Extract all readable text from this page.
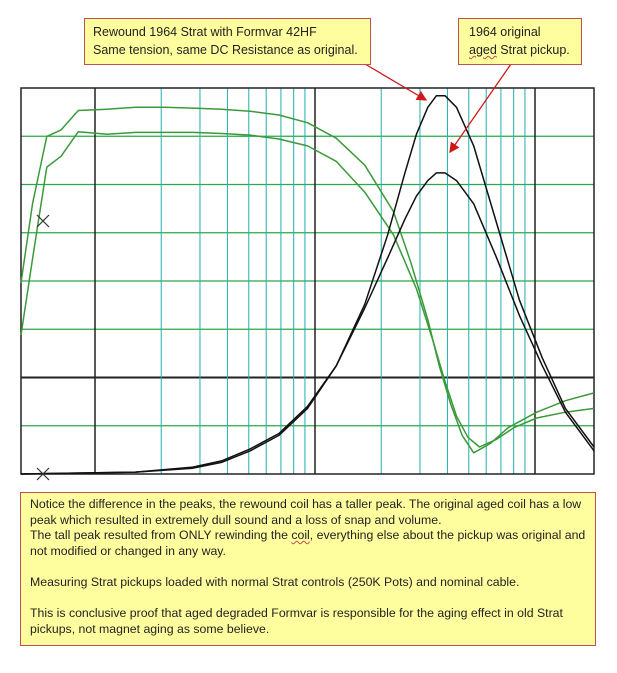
Rewound 1964 Strat with Formvar 42HF
Same tension, same DC Resistance as original.
1964 original
aged Strat pickup.

Notice the difference in the peaks, the rewound coil has a taller peak. The original aged coil has a low peak which resulted in extremely dull sound and a loss of snap and volume.

The tall peak resulted from ONLY rewinding the coil, everything else about the pickup was original and not modified or changed in any way.

Measuring Strat pickups loaded with normal Strat controls (250K Pots) and nominal cable.

This is conclusive proof that aged degraded Formvar is responsible for the aging effect in old Strat pickups, not magnet aging as some believe.
